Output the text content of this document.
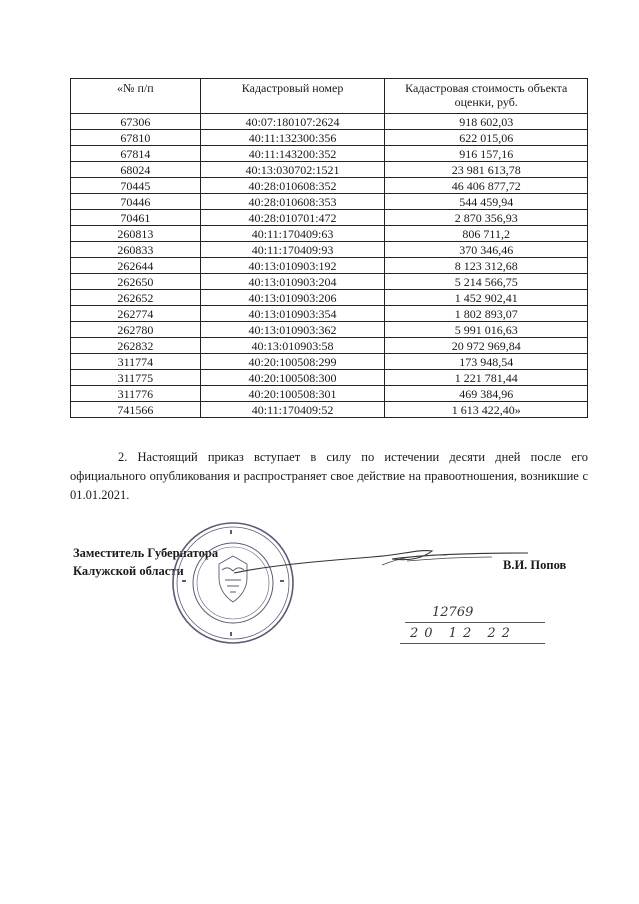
«№ п/п	Кадастровый номер	Кадастровая стоимость объекта оценки, руб.
67306	40:07:180107:2624	918 602,03
67810	40:11:132300:356	622 015,06
67814	40:11:143200:352	916 157,16
68024	40:13:030702:1521	23 981 613,78
70445	40:28:010608:352	46 406 877,72
70446	40:28:010608:353	544 459,94
70461	40:28:010701:472	2 870 356,93
260813	40:11:170409:63	806 711,2
260833	40:11:170409:93	370 346,46
262644	40:13:010903:192	8 123 312,68
262650	40:13:010903:204	5 214 566,75
262652	40:13:010903:206	1 452 902,41
262774	40:13:010903:354	1 802 893,07
262780	40:13:010903:362	5 991 016,63
262832	40:13:010903:58	20 972 969,84
311774	40:20:100508:299	173 948,54
311775	40:20:100508:300	1 221 781,44
311776	40:20:100508:301	469 384,96
741566	40:11:170409:52	1 613 422,40»
2. Настоящий приказ вступает в силу по истечении десяти дней после его официального опубликования и распространяет свое действие на правоотношения, возникшие с 01.01.2021.
Заместитель Губернатора
Калужской области	В.И. Попов
12769
20 12 22
